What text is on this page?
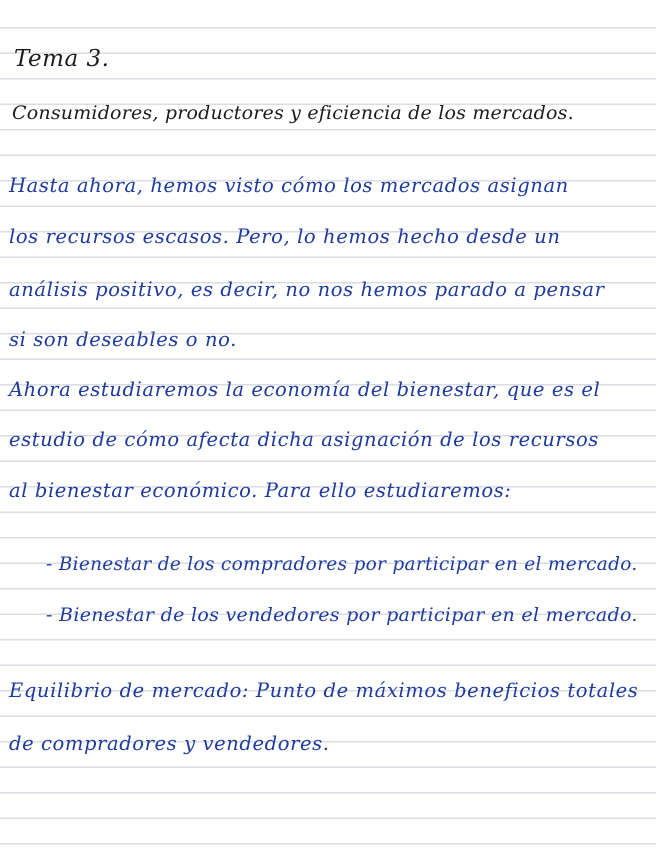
Tema 3.
Consumidores, productores y eficiencia de los mercados.
Hasta ahora, hemos visto cómo los mercados asignan
los recursos escasos. Pero, lo hemos hecho desde un
análisis positivo, es decir, no nos hemos parado a pensar
si son deseables o no.
Ahora estudiaremos la economía del bienestar, que es el
estudio de cómo afecta dicha asignación de los recursos
al bienestar económico. Para ello estudiaremos:
- Bienestar de los compradores por participar en el mercado.
- Bienestar de los vendedores por participar en el mercado.
Equilibrio de mercado: Punto de máximos beneficios totales
de compradores y vendedores.
